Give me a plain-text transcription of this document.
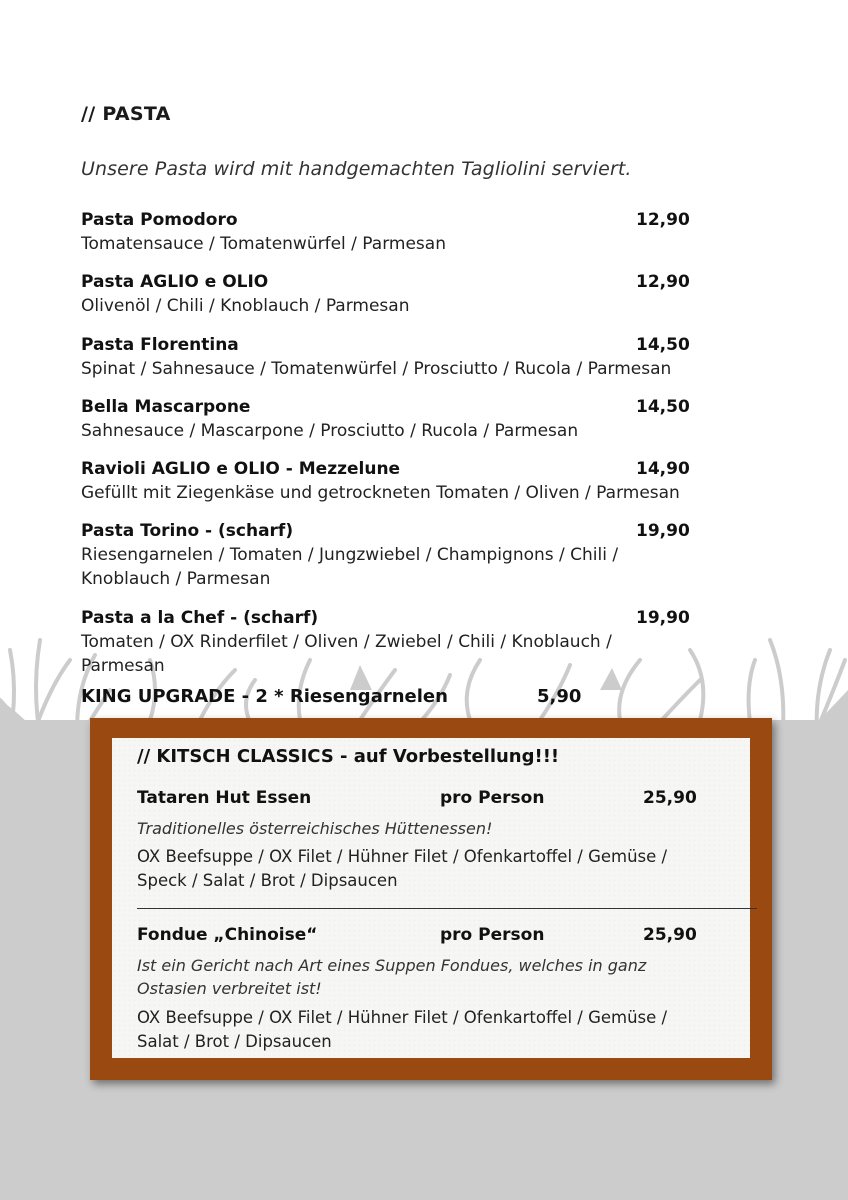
// PASTA
Unsere Pasta wird mit handgemachten Tagliolini serviert.
Pasta Pomodoro	12,90
Tomatensauce / Tomatenwürfel / Parmesan
Pasta AGLIO e OLIO	12,90
Olivenöl / Chili / Knoblauch / Parmesan
Pasta Florentina	14,50
Spinat / Sahnesauce / Tomatenwürfel / Prosciutto / Rucola / Parmesan
Bella Mascarpone	14,50
Sahnesauce / Mascarpone / Prosciutto / Rucola / Parmesan
Ravioli AGLIO e OLIO - Mezzelune	14,90
Gefüllt mit Ziegenkäse und getrockneten Tomaten / Oliven / Parmesan
Pasta Torino - (scharf)	19,90
Riesengarnelen / Tomaten / Jungzwiebel / Champignons / Chili /
Knoblauch / Parmesan
Pasta a la Chef - (scharf)	19,90
Tomaten / OX Rinderfilet / Oliven / Zwiebel / Chili / Knoblauch /
Parmesan
KING UPGRADE - 2 * Riesengarnelen	5,90
// KITSCH CLASSICS - auf Vorbestellung!!!
Tataren Hut Essen	pro Person	25,90
Traditionelles österreichisches Hüttenessen!
OX Beefsuppe / OX Filet / Hühner Filet / Ofenkartoffel / Gemüse /
Speck / Salat / Brot / Dipsaucen
Fondue „Chinoise“	pro Person	25,90
Ist ein Gericht nach Art eines Suppen Fondues, welches in ganz
Ostasien verbreitet ist!
OX Beefsuppe / OX Filet / Hühner Filet / Ofenkartoffel / Gemüse /
Salat / Brot / Dipsaucen
